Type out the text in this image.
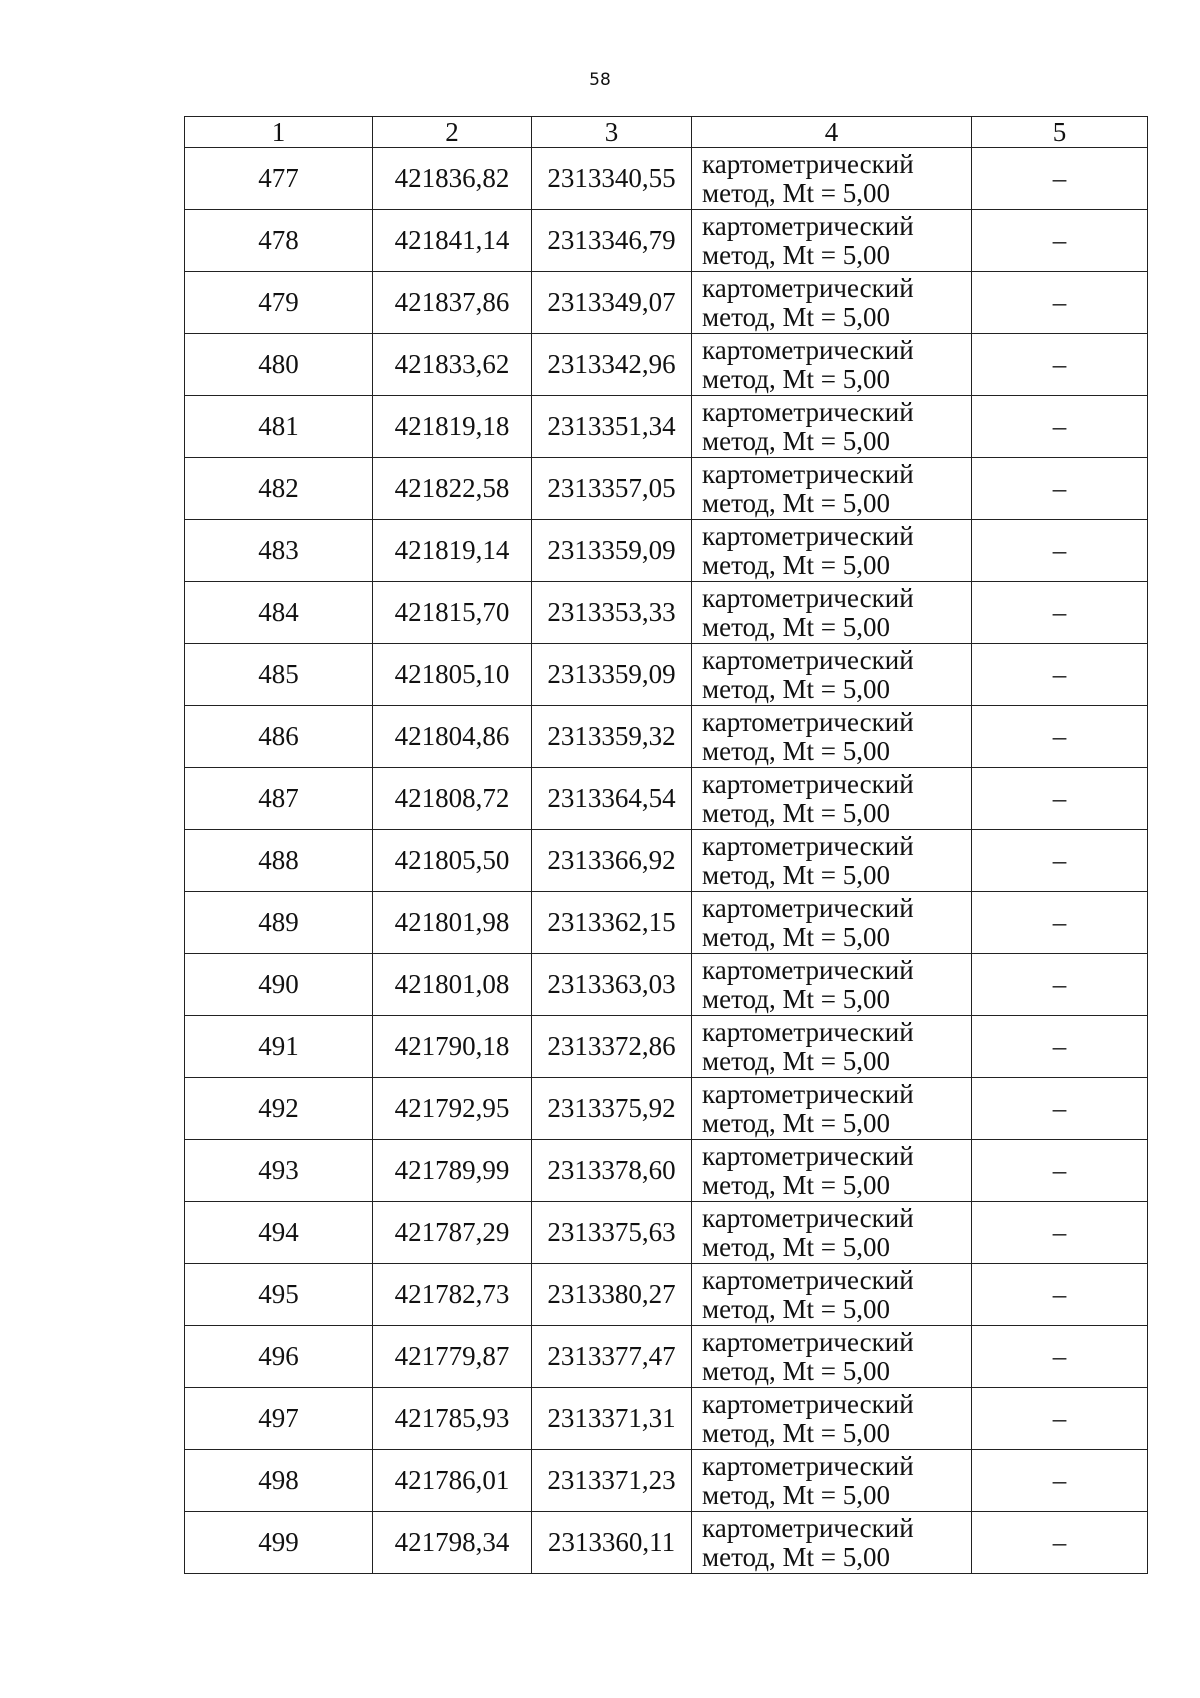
58
1	2	3	4	5
477	421836,82	2313340,55	картометрический
метод, Mt = 5,00	–
478	421841,14	2313346,79	картометрический
метод, Mt = 5,00	–
479	421837,86	2313349,07	картометрический
метод, Mt = 5,00	–
480	421833,62	2313342,96	картометрический
метод, Mt = 5,00	–
481	421819,18	2313351,34	картометрический
метод, Mt = 5,00	–
482	421822,58	2313357,05	картометрический
метод, Mt = 5,00	–
483	421819,14	2313359,09	картометрический
метод, Mt = 5,00	–
484	421815,70	2313353,33	картометрический
метод, Mt = 5,00	–
485	421805,10	2313359,09	картометрический
метод, Mt = 5,00	–
486	421804,86	2313359,32	картометрический
метод, Mt = 5,00	–
487	421808,72	2313364,54	картометрический
метод, Mt = 5,00	–
488	421805,50	2313366,92	картометрический
метод, Mt = 5,00	–
489	421801,98	2313362,15	картометрический
метод, Mt = 5,00	–
490	421801,08	2313363,03	картометрический
метод, Mt = 5,00	–
491	421790,18	2313372,86	картометрический
метод, Mt = 5,00	–
492	421792,95	2313375,92	картометрический
метод, Mt = 5,00	–
493	421789,99	2313378,60	картометрический
метод, Mt = 5,00	–
494	421787,29	2313375,63	картометрический
метод, Mt = 5,00	–
495	421782,73	2313380,27	картометрический
метод, Mt = 5,00	–
496	421779,87	2313377,47	картометрический
метод, Mt = 5,00	–
497	421785,93	2313371,31	картометрический
метод, Mt = 5,00	–
498	421786,01	2313371,23	картометрический
метод, Mt = 5,00	–
499	421798,34	2313360,11	картометрический
метод, Mt = 5,00	–
